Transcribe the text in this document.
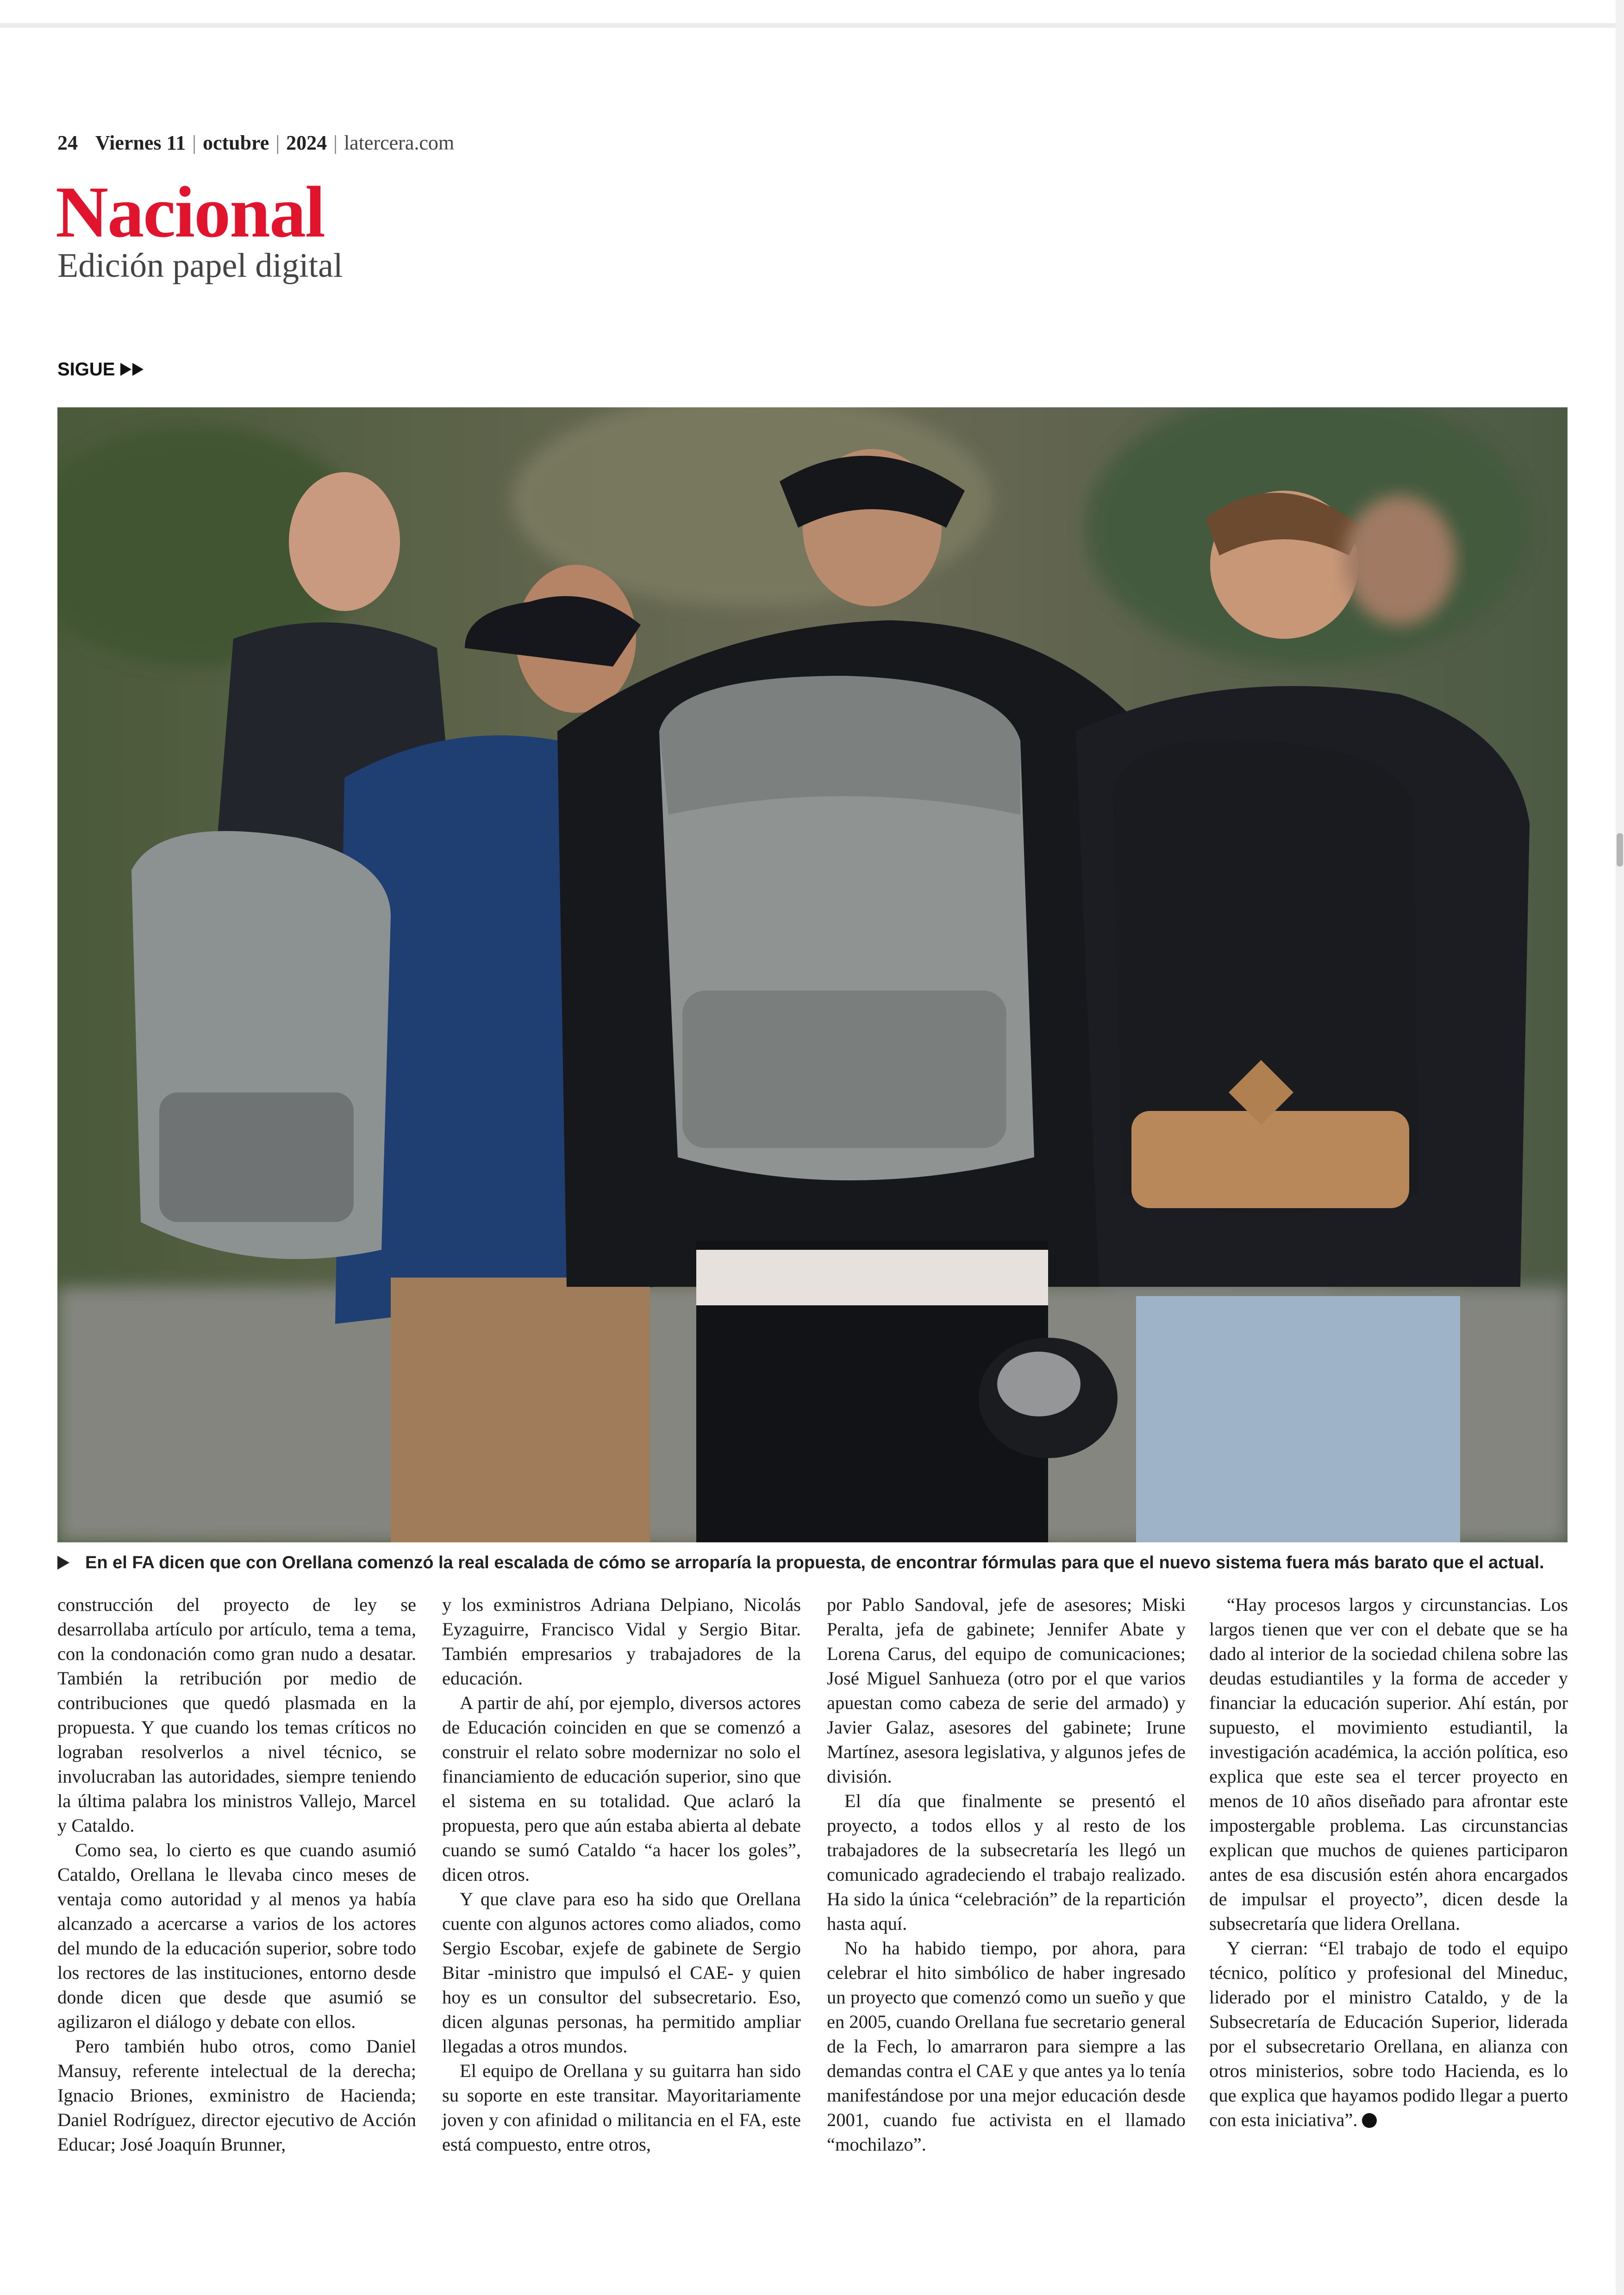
24 Viernes 11 | octubre | 2024 | latercera.com
Nacional
Edición papel digital
SIGUE
En el FA dicen que con Orellana comenzó la real escalada de cómo se arroparía la propuesta, de encontrar fórmulas para que el nuevo sistema fuera más barato que el actual.

construcción del proyecto de ley se desarrollaba artículo por artículo, tema a tema, con la condonación como gran nudo a desatar. También la retribución por medio de contribuciones que quedó plasmada en la propuesta. Y que cuando los temas críticos no lograban resolverlos a nivel técnico, se involucraban las autoridades, siempre teniendo la última palabra los ministros Vallejo, Marcel y Cataldo.

Como sea, lo cierto es que cuando asumió Cataldo, Orellana le llevaba cinco meses de ventaja como autoridad y al menos ya había alcanzado a acercarse a varios de los actores del mundo de la educación superior, sobre todo los rectores de las instituciones, entorno desde donde dicen que desde que asumió se agilizaron el diálogo y debate con ellos.

Pero también hubo otros, como Daniel Mansuy, referente intelectual de la derecha; Ignacio Briones, exministro de Hacienda; Daniel Rodríguez, director ejecutivo de Acción Educar; José Joaquín Brunner,

y los exministros Adriana Delpiano, Nicolás Eyzaguirre, Francisco Vidal y Sergio Bitar. También empresarios y trabajadores de la educación.

A partir de ahí, por ejemplo, diversos actores de Educación coinciden en que se comenzó a construir el relato sobre modernizar no solo el financiamiento de educación superior, sino que el sistema en su totalidad. Que aclaró la propuesta, pero que aún estaba abierta al debate cuando se sumó Cataldo “a hacer los goles”, dicen otros.

Y que clave para eso ha sido que Orellana cuente con algunos actores como aliados, como Sergio Escobar, exjefe de gabinete de Sergio Bitar -ministro que impulsó el CAE- y quien hoy es un consultor del subsecretario. Eso, dicen algunas personas, ha permitido ampliar llegadas a otros mundos.

El equipo de Orellana y su guitarra han sido su soporte en este transitar. Mayoritariamente joven y con afinidad o militancia en el FA, este está compuesto, entre otros,

por Pablo Sandoval, jefe de asesores; Miski Peralta, jefa de gabinete; Jennifer Abate y Lorena Carus, del equipo de comunicaciones; José Miguel Sanhueza (otro por el que varios apuestan como cabeza de serie del armado) y Javier Galaz, asesores del gabinete; Irune Martínez, asesora legislativa, y algunos jefes de división.

El día que finalmente se presentó el proyecto, a todos ellos y al resto de los trabajadores de la subsecretaría les llegó un comunicado agradeciendo el trabajo realizado. Ha sido la única “celebración” de la repartición hasta aquí.

No ha habido tiempo, por ahora, para celebrar el hito simbólico de haber ingresado un proyecto que comenzó como un sueño y que en 2005, cuando Orellana fue secretario general de la Fech, lo amarraron para siempre a las demandas contra el CAE y que antes ya lo tenía manifestándose por una mejor educación desde 2001, cuando fue activista en el llamado “mochilazo”.

“Hay procesos largos y circunstancias. Los largos tienen que ver con el debate que se ha dado al interior de la sociedad chilena sobre las deudas estudiantiles y la forma de acceder y financiar la educación superior. Ahí están, por supuesto, el movimiento estudiantil, la investigación académica, la acción política, eso explica que este sea el tercer proyecto en menos de 10 años diseñado para afrontar este impostergable problema. Las circunstancias explican que muchos de quienes participaron antes de esa discusión estén ahora encargados de impulsar el proyecto”, dicen desde la subsecretaría que lidera Orellana.

Y cierran: “El trabajo de todo el equipo técnico, político y profesional del Mineduc, liderado por el ministro Cataldo, y de la Subsecretaría de Educación Superior, liderada por el subsecretario Orellana, en alianza con otros ministerios, sobre todo Hacienda, es lo que explica que hayamos podido llegar a puerto con esta iniciativa”.
